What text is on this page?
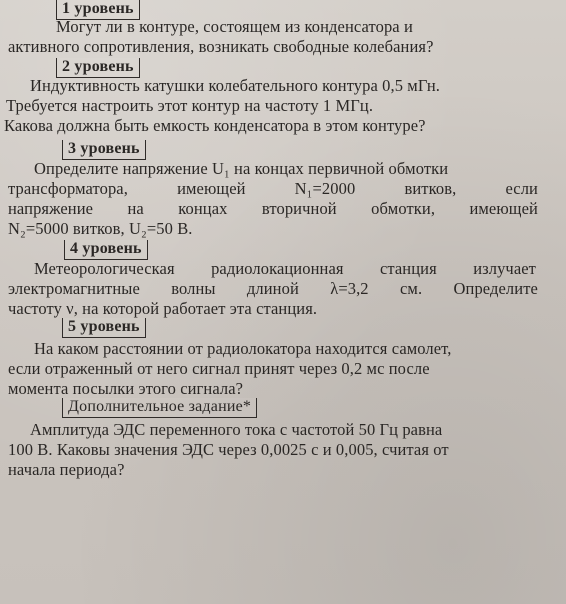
1 уровень
Могут ли в контуре, состоящем из конденсатора и
активного сопротивления, возникать свободные колебания?
2 уровень
Индуктивность катушки колебательного контура 0,5 мГн.
Требуется настроить этот контур на частоту 1 МГц.
Какова должна быть емкость конденсатора в этом контуре?
3 уровень
Определите напряжение U₁ на концах первичной обмотки
трансформатора,	имеющей	N₁=2000	витков,	если
напряжение на концах вторичной обмотки, имеющей
N₂=5000 витков, U₂=50 В.
4 уровень
Метеорологическая радиолокационная станция излучает
электромагнитные волны длиной λ=3,2 см. Определите
частоту ν, на которой работает эта станция.
5 уровень
На каком расстоянии от радиолокатора находится самолет,
если отраженный от него сигнал принят через 0,2 мс после
момента посылки этого сигнала?
Дополнительное задание*
Амплитуда ЭДС переменного тока с частотой 50 Гц равна
100 В. Каковы значения ЭДС через 0,0025 с и 0,005, считая от
начала периода?
